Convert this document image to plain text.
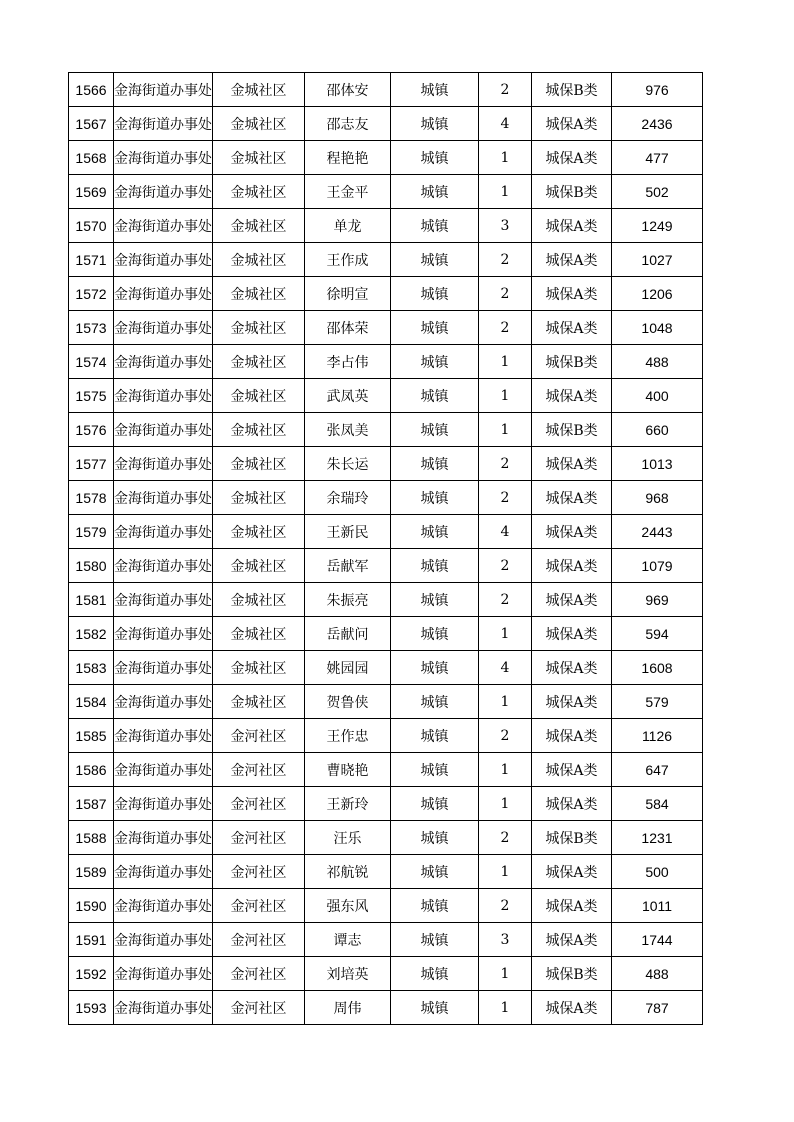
1566	金海街道办事处	金城社区	邵体安	城镇	2	城保B类	976
1567	金海街道办事处	金城社区	邵志友	城镇	4	城保A类	2436
1568	金海街道办事处	金城社区	程艳艳	城镇	1	城保A类	477
1569	金海街道办事处	金城社区	王金平	城镇	1	城保B类	502
1570	金海街道办事处	金城社区	单龙	城镇	3	城保A类	1249
1571	金海街道办事处	金城社区	王作成	城镇	2	城保A类	1027
1572	金海街道办事处	金城社区	徐明宣	城镇	2	城保A类	1206
1573	金海街道办事处	金城社区	邵体荣	城镇	2	城保A类	1048
1574	金海街道办事处	金城社区	李占伟	城镇	1	城保B类	488
1575	金海街道办事处	金城社区	武凤英	城镇	1	城保A类	400
1576	金海街道办事处	金城社区	张凤美	城镇	1	城保B类	660
1577	金海街道办事处	金城社区	朱长运	城镇	2	城保A类	1013
1578	金海街道办事处	金城社区	余瑞玲	城镇	2	城保A类	968
1579	金海街道办事处	金城社区	王新民	城镇	4	城保A类	2443
1580	金海街道办事处	金城社区	岳献军	城镇	2	城保A类	1079
1581	金海街道办事处	金城社区	朱振亮	城镇	2	城保A类	969
1582	金海街道办事处	金城社区	岳献问	城镇	1	城保A类	594
1583	金海街道办事处	金城社区	姚园园	城镇	4	城保A类	1608
1584	金海街道办事处	金城社区	贺鲁侠	城镇	1	城保A类	579
1585	金海街道办事处	金河社区	王作忠	城镇	2	城保A类	1126
1586	金海街道办事处	金河社区	曹晓艳	城镇	1	城保A类	647
1587	金海街道办事处	金河社区	王新玲	城镇	1	城保A类	584
1588	金海街道办事处	金河社区	汪乐	城镇	2	城保B类	1231
1589	金海街道办事处	金河社区	祁航锐	城镇	1	城保A类	500
1590	金海街道办事处	金河社区	强东风	城镇	2	城保A类	1011
1591	金海街道办事处	金河社区	谭志	城镇	3	城保A类	1744
1592	金海街道办事处	金河社区	刘培英	城镇	1	城保B类	488
1593	金海街道办事处	金河社区	周伟	城镇	1	城保A类	787
